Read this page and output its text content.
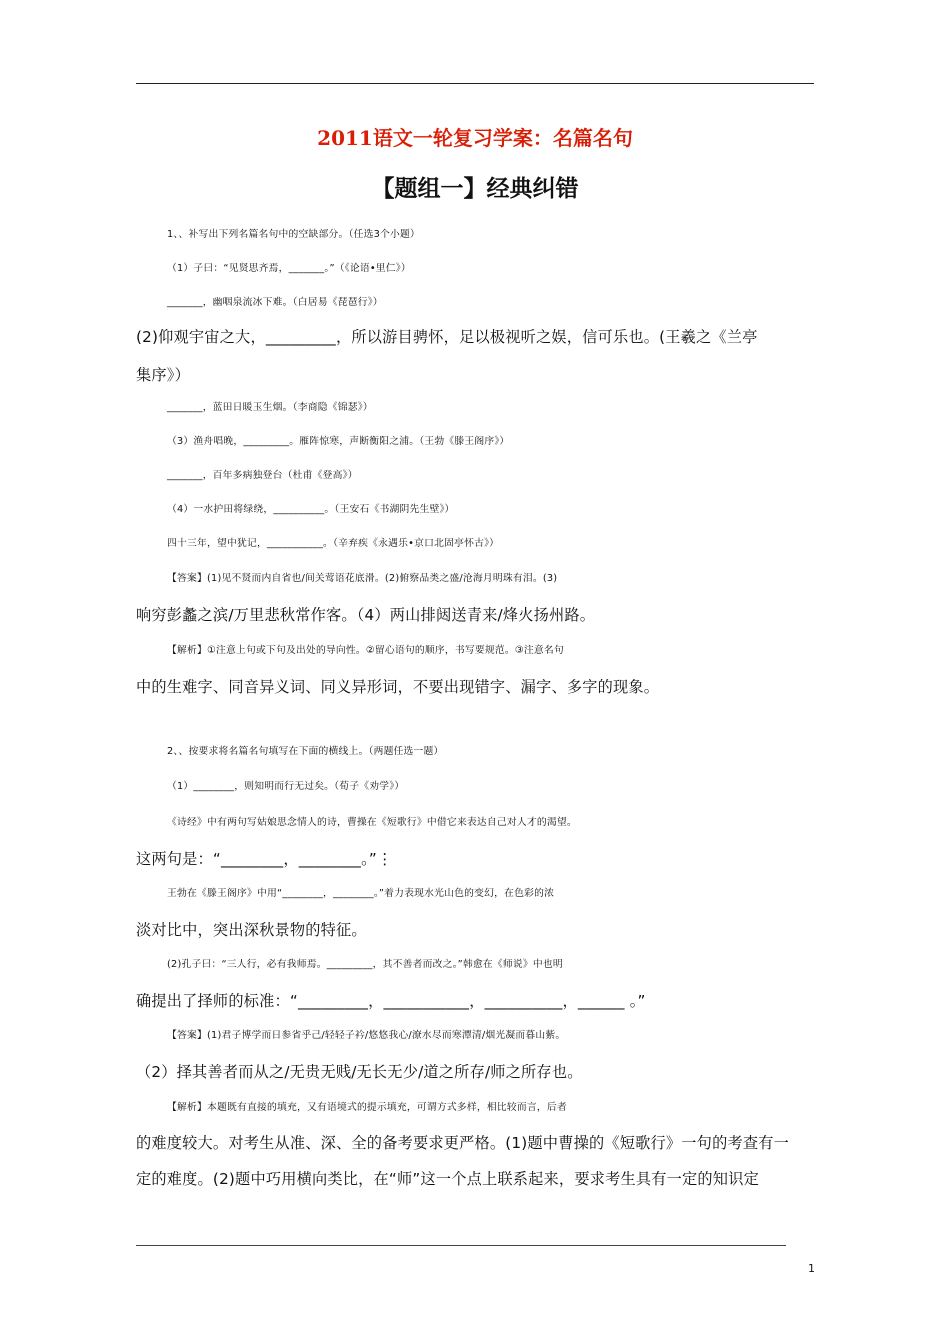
2011语文一轮复习学案：名篇名句
【题组一】经典纠错
1、、补写出下列名篇名句中的空缺部分。（任选3个小题）
（1）子曰：“见贤思齐焉，_______。”（《论语•里仁》）
_______，幽咽泉流冰下难。（白居易《琵琶行》）
(2)仰观宇宙之大，_________，所以游目骋怀，足以极视听之娱，信可乐也。(王羲之《兰亭
集序》）
_______，蓝田日暖玉生烟。（李商隐《锦瑟》）
（3）渔舟唱晚，_________。雁阵惊寒，声断衡阳之浦。（王勃《滕王阁序》）
_______，百年多病独登台（杜甫《登高》）
（4）一水护田将绿绕，__________。（王安石《书湖阴先生壁》）
四十三年，望中犹记，___________。（辛弃疾《永遇乐•京口北固亭怀古》）
【答案】(1)见不贤而内自省也/间关莺语花底滑。(2)俯察品类之盛/沧海月明珠有泪。(3)
响穷彭蠡之滨/万里悲秋常作客。（4）两山排闼送青来/烽火扬州路。
【解析】①注意上句或下句及出处的导向性。②留心语句的顺序，书写要规范。③注意名句
中的生难字、同音异义词、同义异形词，不要出现错字、漏字、多字的现象。
2、、按要求将名篇名句填写在下面的横线上。（两题任选一题）
（1）________，则知明而行无过矣。（荀子《劝学》）
《诗经》中有两句写姑娘思念情人的诗，曹操在《短歌行》中借它来表达自己对人才的渴望。
这两句是：“________，________。”⋮
王勃在《滕王阁序》中用“________，________。”着力表现水光山色的变幻，在色彩的浓
淡对比中，突出深秋景物的特征。
(2)孔子曰：“三人行，必有我师焉。_________，其不善者而改之。”韩愈在《师说》中也明
确提出了择师的标准：“_________，___________，__________，______ 。”
【答案】(1)君子博学而日参省乎己/轻轻子衿/悠悠我心/潦水尽而寒潭清/烟光凝而暮山紫。
（2）择其善者而从之/无贵无贱/无长无少/道之所存/师之所存也。
【解析】本题既有直接的填充，又有语境式的提示填充，可谓方式多样，相比较而言，后者
的难度较大。对考生从准、深、全的备考要求更严格。(1)题中曹操的《短歌行》一句的考查有一
定的难度。(2)题中巧用横向类比，在“师”这一个点上联系起来，要求考生具有一定的知识定
1
